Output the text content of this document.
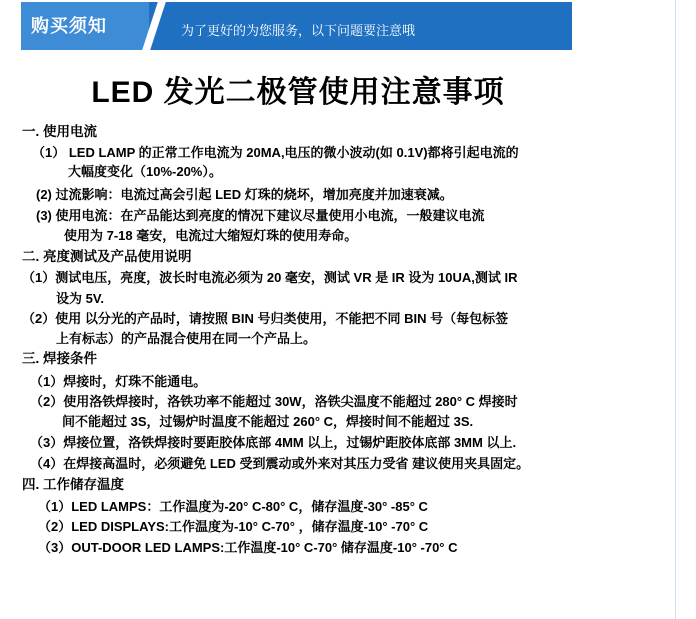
购买须知	为了更好的为您服务，以下问题要注意哦
LED 发光二极管使用注意事项
一. 使用电流
（1） LED LAMP 的正常工作电流为 20MA,电压的微小波动(如 0.1V)都将引起电流的
大幅度变化（10%-20%）。
(2) 过流影响：电流过高会引起 LED 灯珠的烧坏，增加亮度并加速衰减。
(3) 使用电流：在产品能达到亮度的情况下建议尽量使用小电流，一般建议电流
使用为 7-18 毫安，电流过大缩短灯珠的使用寿命。
二. 亮度测试及产品使用说明
（1）测试电压，亮度，波长时电流必须为 20 毫安，测试 VR 是 IR 设为 10UA,测试 IR
设为 5V.
（2）使用 以分光的产品时，请按照 BIN 号归类使用，不能把不同 BIN 号（每包标签
上有标志）的产品混合使用在同一个产品上。
三. 焊接条件
（1）焊接时，灯珠不能通电。
（2）使用洛铁焊接时，洛铁功率不能超过 30W，洛铁尖温度不能超过 280° C 焊接时
间不能超过 3S，过锡炉时温度不能超过 260° C，焊接时间不能超过 3S.
（3）焊接位置，洛铁焊接时要距胶体底部 4MM 以上，过锡炉距胶体底部 3MM 以上.
（4）在焊接高温时，必须避免 LED 受到震动或外来对其压力受省 建议使用夹具固定。
四. 工作储存温度
（1）LED LAMPS：工作温度为-20° C-80° C，储存温度-30° -85° C
（2）LED DISPLAYS:工作温度为-10° C-70° ，储存温度-10° -70° C
（3）OUT-DOOR LED LAMPS:工作温度-10° C-70° 储存温度-10° -70° C
